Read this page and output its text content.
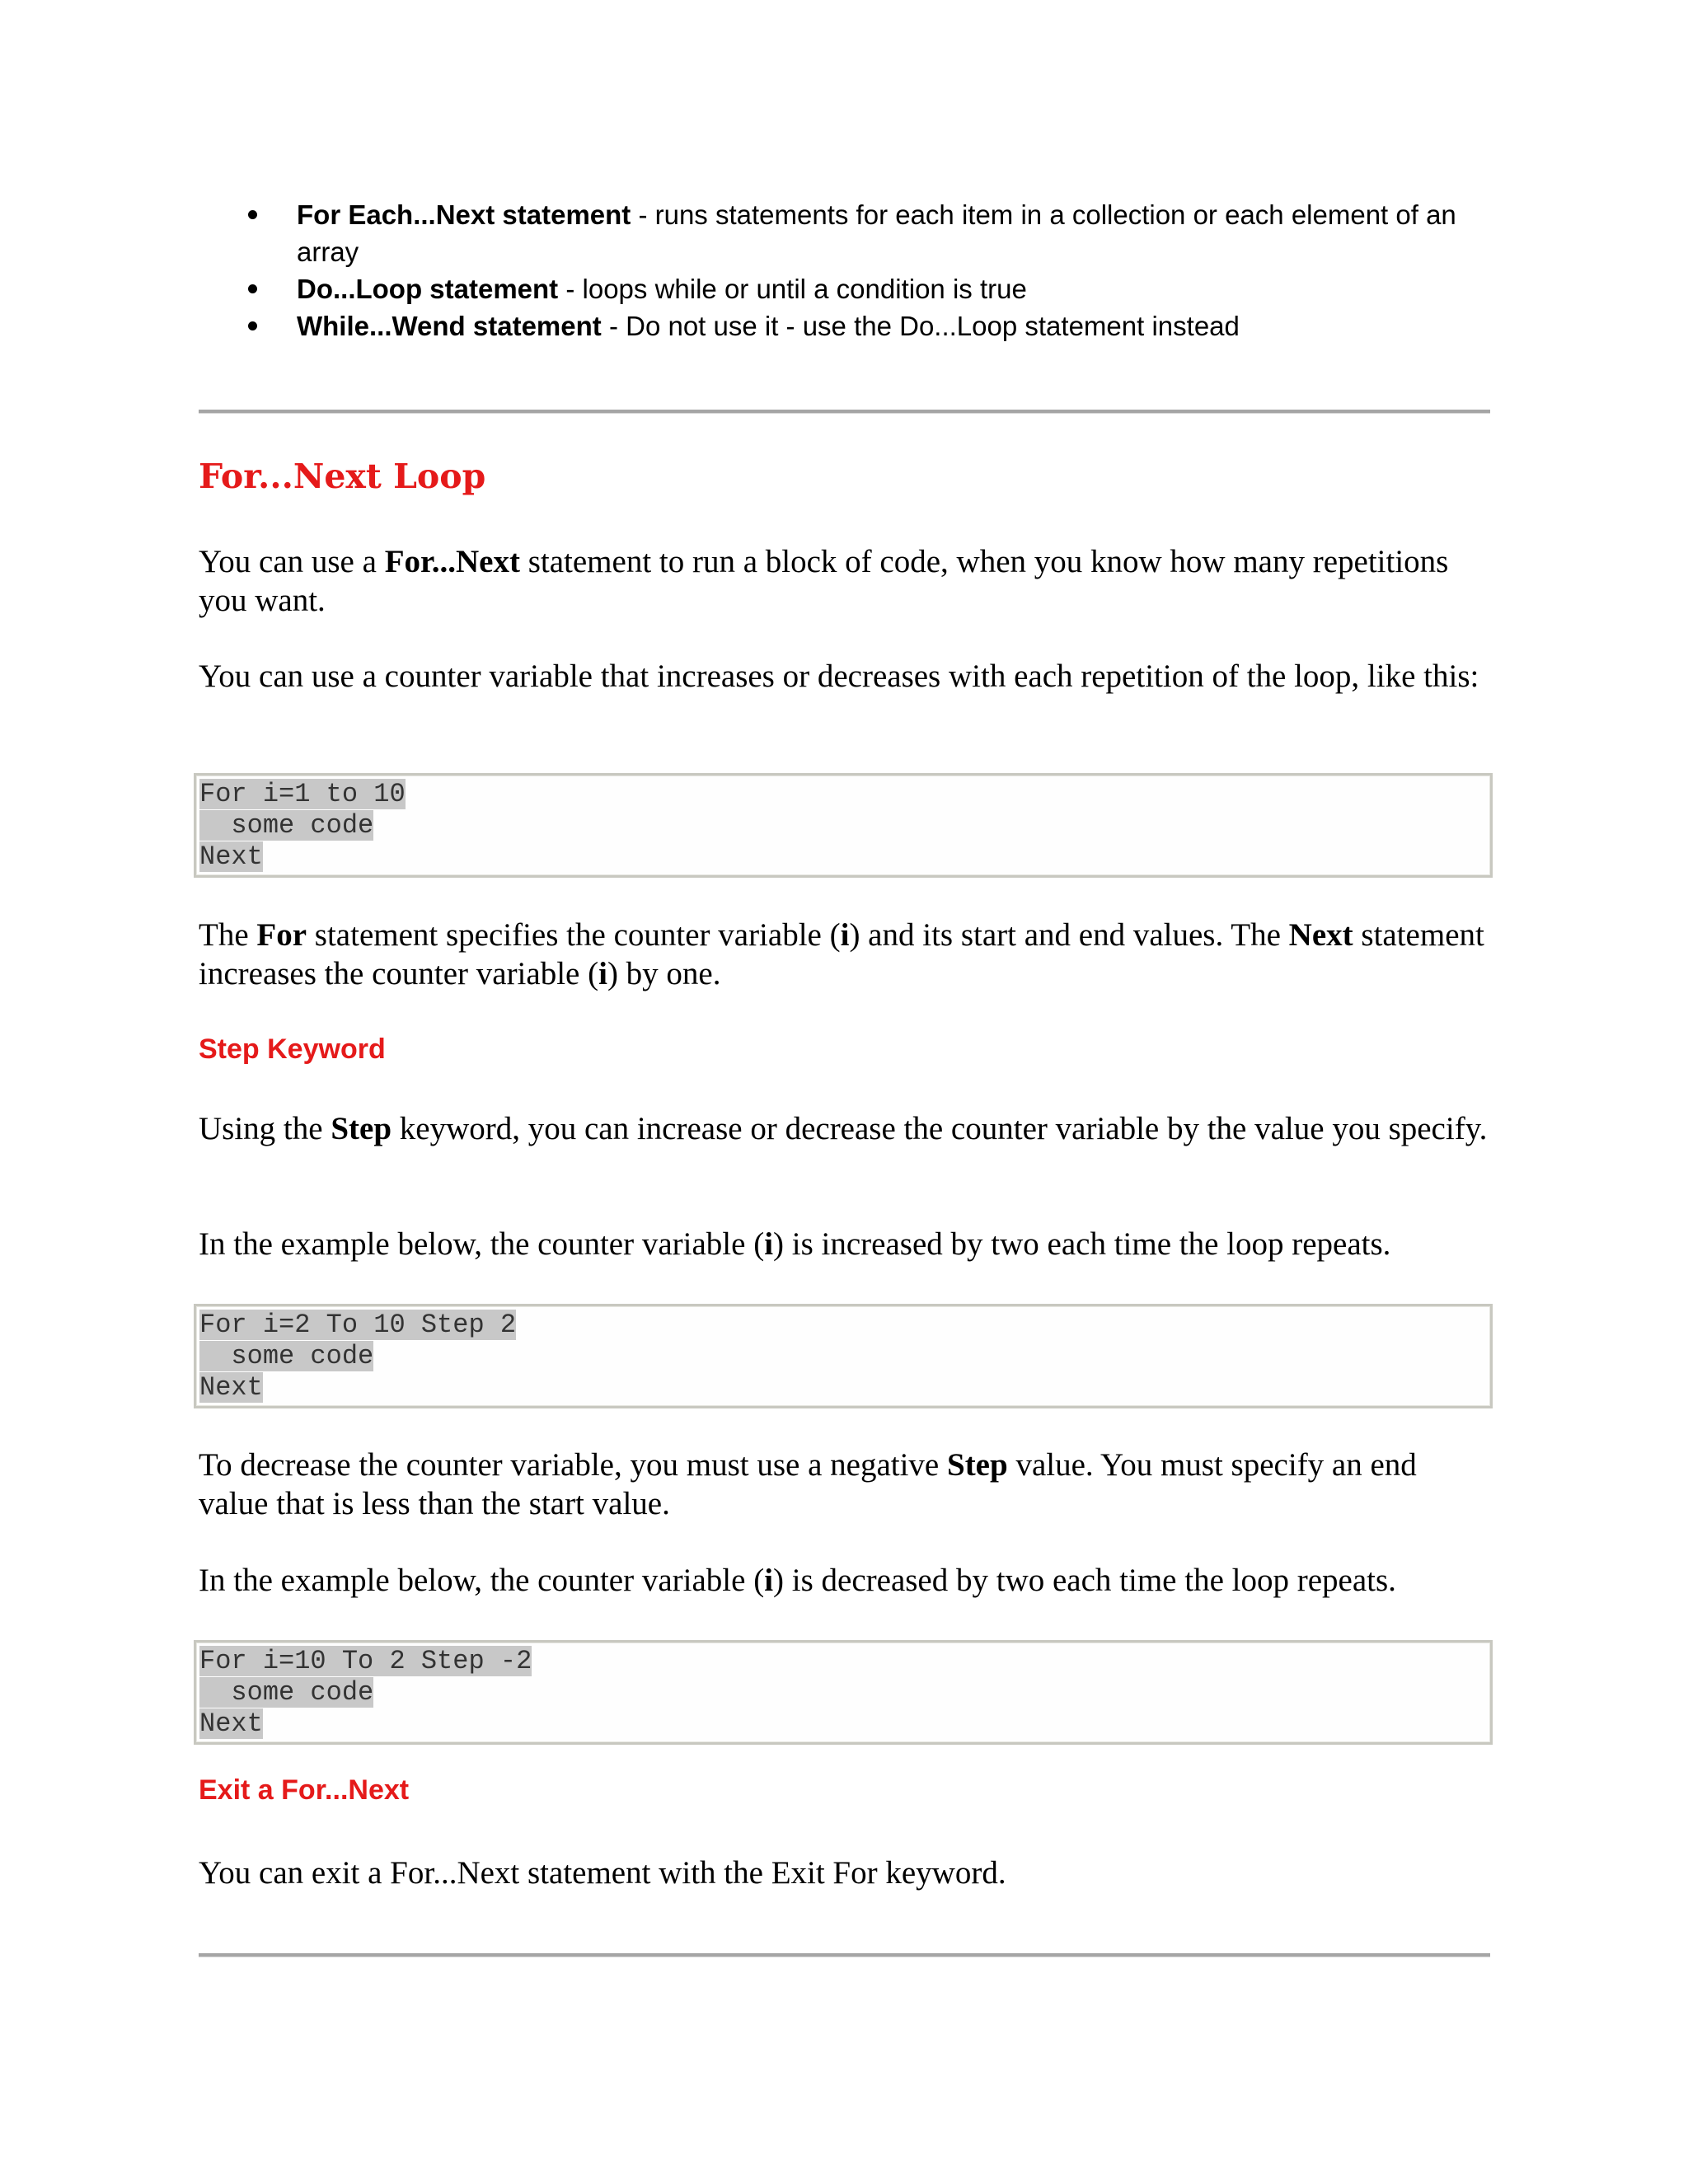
For Each...Next statement - runs statements for each item in a collection or each element of an array
Do...Loop statement - loops while or until a condition is true
While...Wend statement - Do not use it - use the Do...Loop statement instead
For...Next Loop

You can use a For...Next statement to run a block of code, when you know how many repetitions you want.

You can use a counter variable that increases or decreases with each repetition of the loop, like this:

For i=1 to 10
some code
Next

The For statement specifies the counter variable (i) and its start and end values. The Next statement increases the counter variable (i) by one.

Step Keyword

Using the Step keyword, you can increase or decrease the counter variable by the value you specify.

In the example below, the counter variable (i) is increased by two each time the loop repeats.

For i=2 To 10 Step 2
some code
Next

To decrease the counter variable, you must use a negative Step value. You must specify an end value that is less than the start value.

In the example below, the counter variable (i) is decreased by two each time the loop repeats.

For i=10 To 2 Step -2
some code
Next
Exit a For...Next

You can exit a For...Next statement with the Exit For keyword.
